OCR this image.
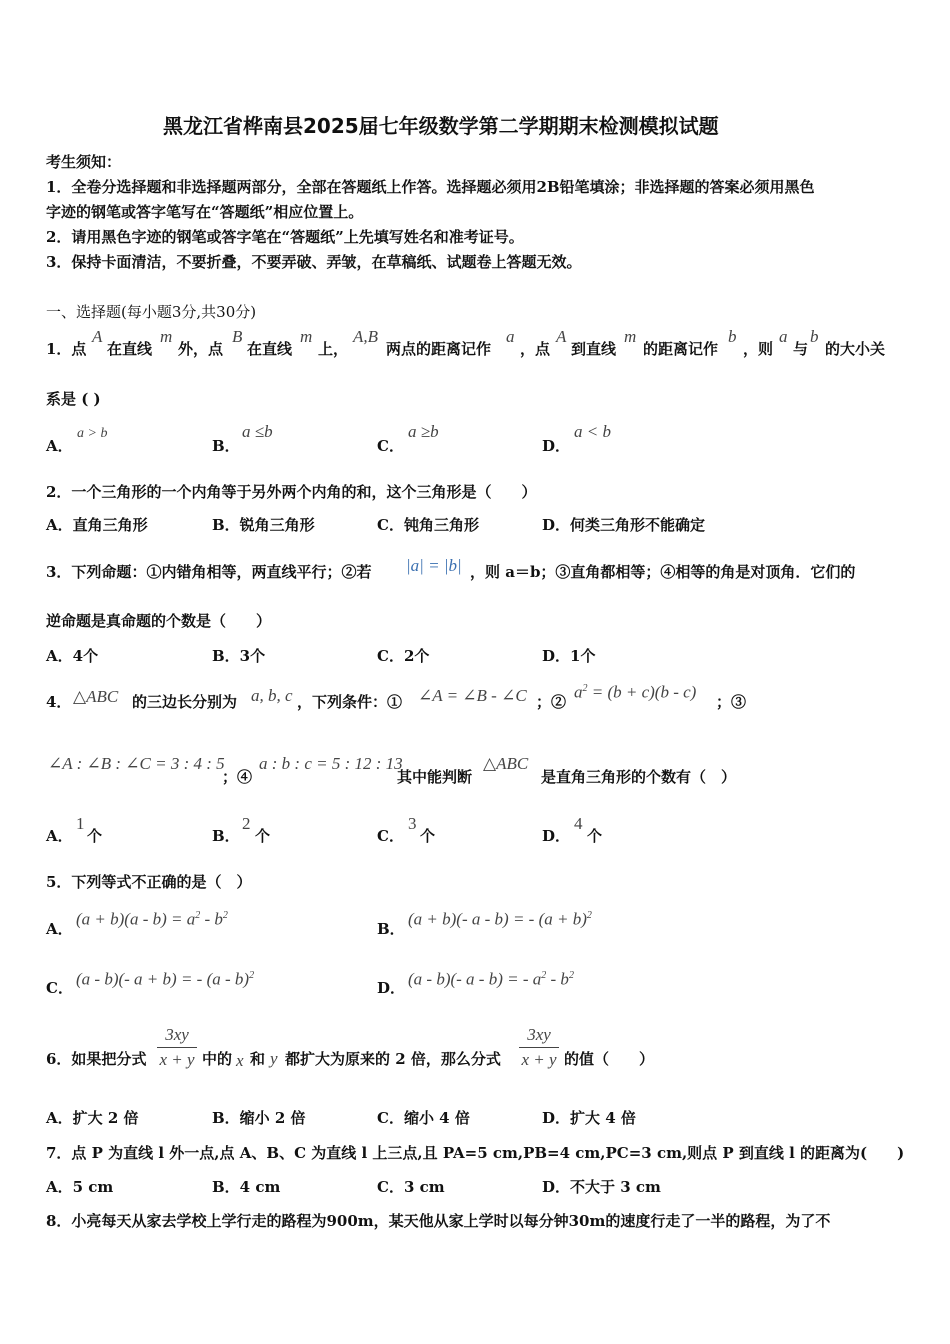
黑龙江省桦南县2025届七年级数学第二学期期末检测模拟试题
考生须知：
1．全卷分选择题和非选择题两部分，全部在答题纸上作答。选择题必须用2B铅笔填涂；非选择题的答案必须用黑色
字迹的钢笔或答字笔写在“答题纸”相应位置上。
2．请用黑色字迹的钢笔或答字笔在“答题纸”上先填写姓名和准考证号。
3．保持卡面清洁，不要折叠，不要弄破、弄皱，在草稿纸、试题卷上答题无效。
一、选择题(每小题3分,共30分)
1．点
A
在直线
m
外，点
B
在直线
m
上，
A,B
两点的距离记作
a
，点
A
到直线
m
的距离记作
b
，则
a
与
b
的大小关
系是 ( )
A．
a > b
B．
a ≤b
C．
a ≥b
D．
a < b
2．一个三角形的一个内角等于另外两个内角的和，这个三角形是（　　）
A．直角三角形	B．锐角三角形	C．钝角三角形	D．何类三角形不能确定
3．下列命题：①内错角相等，两直线平行；②若 |a| = |b| ，则 a＝b；③直角都相等；④相等的角是对顶角．它们的
逆命题是真命题的个数是（　　）
A．4个	B．3个	C．2个	D．1个
4． △ABC 的三边长分别为 a, b, c ，下列条件：① ∠A = ∠B - ∠C ；②
$a^2 = (b + c)(b - c)$
；③
∠A : ∠B : ∠C = 3 : 4 : 5
；④
a : b : c = 5 : 12 : 13
其中能判断
△ABC
是直角三角形的个数有（　）
A．
1
个	B．
2
个	C．
3
个	D．
4
个
5．下列等式不正确的是（　）
A．
$(a + b)(a - b) = a^2 - b^2$
B．
(a + b)(- a - b) = - $(a + b)^2$
C． (a - b)(- a + b) = - (a - b)$^2$
D． (a - b)(- a - b) = - $a^2 - b^2$
6．如果把分式
3xy
x + y 中的 x 和 y 都扩大为原来的 2 倍，那么分式
3xy
x + y 的值（　　）
A．扩大 2 倍	B．缩小 2 倍	C．缩小 4 倍	D．扩大 4 倍
7．点 P 为直线 l 外一点,点 A、B、C 为直线 l 上三点,且 PA=5 cm,PB=4 cm,PC=3 cm,则点 P 到直线 l 的距离为(　　)
A．5 cm	B．4 cm	C．3 cm	D．不大于 3 cm
8．小亮每天从家去学校上学行走的路程为900m，某天他从家上学时以每分钟30m的速度行走了一半的路程，为了不
